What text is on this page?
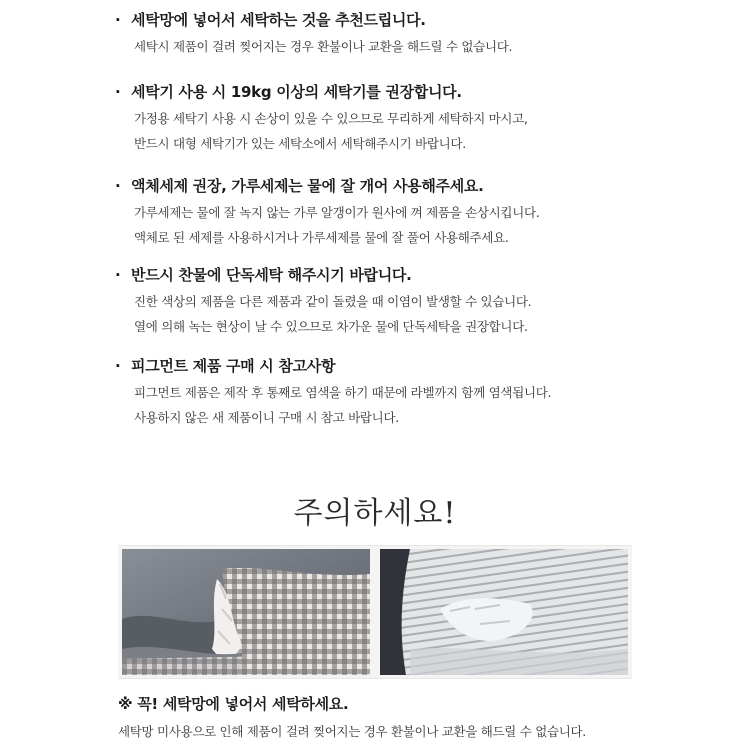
· 세탁망에 넣어서 세탁하는 것을 추천드립니다.
세탁시 제품이 걸려 찢어지는 경우 환불이나 교환을 해드릴 수 없습니다.
· 세탁기 사용 시 19kg 이상의 세탁기를 권장합니다.
가정용 세탁기 사용 시 손상이 있을 수 있으므로 무리하게 세탁하지 마시고,
반드시 대형 세탁기가 있는 세탁소에서 세탁해주시기 바랍니다.
· 액체세제 권장, 가루세제는 물에 잘 개어 사용해주세요.
가루세제는 물에 잘 녹지 않는 가루 알갱이가 원사에 껴 제품을 손상시킵니다.
액체로 된 세제를 사용하시거나 가루세제를 물에 잘 풀어 사용해주세요.
· 반드시 찬물에 단독세탁 해주시기 바랍니다.
진한 색상의 제품을 다른 제품과 같이 돌렸을 때 이염이 발생할 수 있습니다.
열에 의해 녹는 현상이 날 수 있으므로 차가운 물에 단독세탁을 권장합니다.
· 피그먼트 제품 구매 시 참고사항
피그먼트 제품은 제작 후 통째로 염색을 하기 때문에 라벨까지 함께 염색됩니다.
사용하지 않은 새 제품이니 구매 시 참고 바랍니다.
주의하세요!
※ 꼭! 세탁망에 넣어서 세탁하세요.
세탁망 미사용으로 인해 제품이 걸려 찢어지는 경우 환불이나 교환을 해드릴 수 없습니다.
